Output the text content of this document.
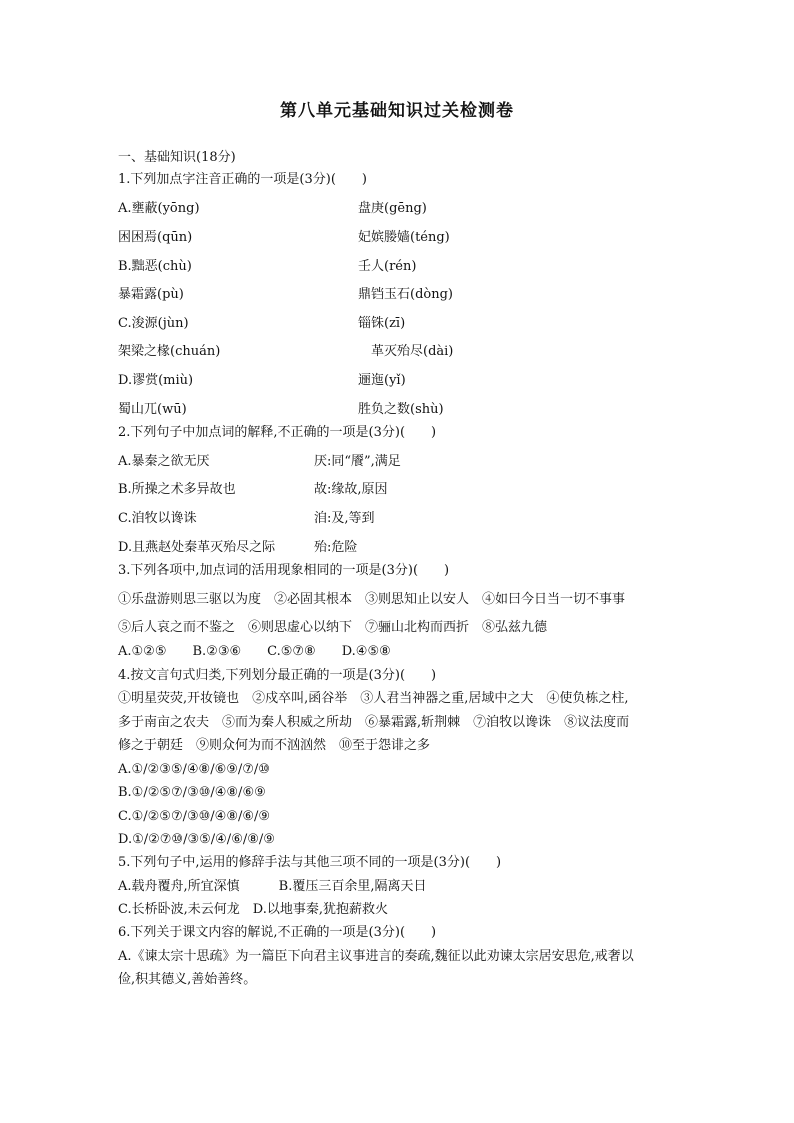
第八单元基础知识过关检测卷
一、基础知识(18分)
1.下列加点字注音正确的一项是(3分)(　　)
A.壅蔽(yōng)	盘庚(gēng)
困困焉(qūn)	妃嫔媵嫱(téng)
B.黜恶(chù)	壬人(rén)
暴霜露(pù)	鼎铛玉石(dòng)
C.浚源(jùn)	锱铢(zī)
架梁之椽(chuán)	革灭殆尽(dài)
D.谬赏(miù)	逦迤(yǐ)
蜀山兀(wū)	胜负之数(shù)
2.下列句子中加点词的解释,不正确的一项是(3分)(　　)
A.暴秦之欲无厌	厌:同“餍”,满足
B.所操之术多异故也	故:缘故,原因
C.洎牧以谗诛	洎:及,等到
D.且燕赵处秦革灭殆尽之际	殆:危险
3.下列各项中,加点词的活用现象相同的一项是(3分)(　　)
①乐盘游则思三驱以为度　②必固其根本　③则思知止以安人　④如曰今日当一切不事事
⑤后人哀之而不鉴之　⑥则思虚心以纳下　⑦骊山北构而西折　⑧弘兹九德
A.①②⑤　　B.②③⑥　　C.⑤⑦⑧　　D.④⑤⑧
4.按文言句式归类,下列划分最正确的一项是(3分)(　　)
①明星荧荧,开妆镜也　②戍卒叫,函谷举　③人君当神器之重,居域中之大　④使负栋之柱,
多于南亩之农夫　⑤而为秦人积威之所劫　⑥暴霜露,斩荆棘　⑦洎牧以谗诛　⑧议法度而
修之于朝廷　⑨则众何为而不汹汹然　⑩至于怨诽之多
A.①/②③⑤/④⑧/⑥⑨/⑦/⑩
B.①/②⑤⑦/③⑩/④⑧/⑥⑨
C.①/②⑤⑦/③⑩/④⑧/⑥/⑨
D.①/②⑦⑩/③⑤/④/⑥/⑧/⑨
5.下列句子中,运用的修辞手法与其他三项不同的一项是(3分)(　　)
A.载舟覆舟,所宜深慎　　　B.覆压三百余里,隔离天日
C.长桥卧波,未云何龙　D.以地事秦,犹抱薪救火
6.下列关于课文内容的解说,不正确的一项是(3分)(　　)
A.《谏太宗十思疏》为一篇臣下向君主议事进言的奏疏,魏征以此劝谏太宗居安思危,戒奢以
俭,积其德义,善始善终。
